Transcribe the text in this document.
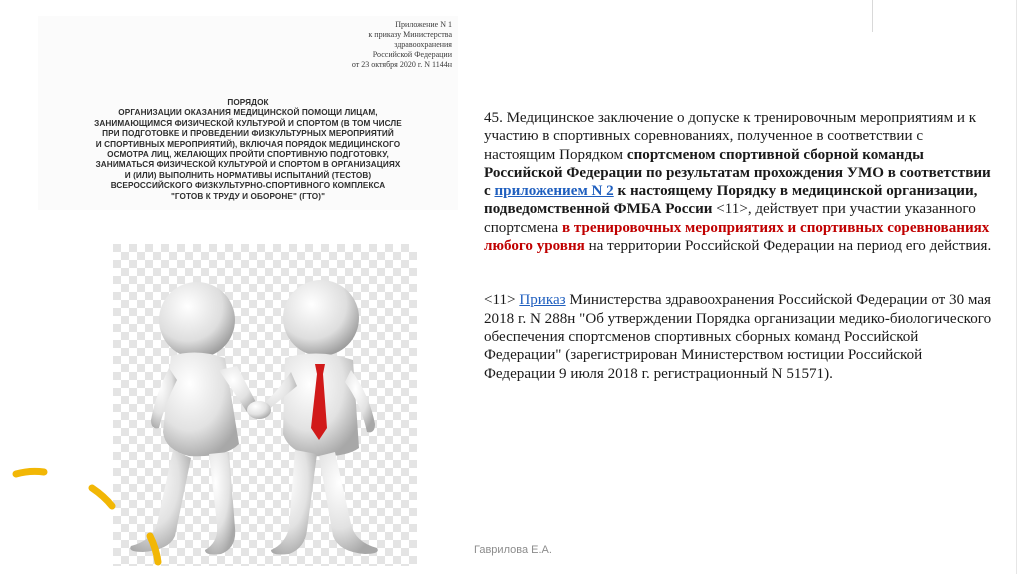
Приложение N 1
к приказу Министерства
здравоохранения
Российской Федерации
от 23 октября 2020 г. N 1144н
ПОРЯДОК
ОРГАНИЗАЦИИ ОКАЗАНИЯ МЕДИЦИНСКОЙ ПОМОЩИ ЛИЦАМ,
ЗАНИМАЮЩИМСЯ ФИЗИЧЕСКОЙ КУЛЬТУРОЙ И СПОРТОМ (В ТОМ ЧИСЛЕ
ПРИ ПОДГОТОВКЕ И ПРОВЕДЕНИИ ФИЗКУЛЬТУРНЫХ МЕРОПРИЯТИЙ
И СПОРТИВНЫХ МЕРОПРИЯТИЙ), ВКЛЮЧАЯ ПОРЯДОК МЕДИЦИНСКОГО
ОСМОТРА ЛИЦ, ЖЕЛАЮЩИХ ПРОЙТИ СПОРТИВНУЮ ПОДГОТОВКУ,
ЗАНИМАТЬСЯ ФИЗИЧЕСКОЙ КУЛЬТУРОЙ И СПОРТОМ В ОРГАНИЗАЦИЯХ
И (ИЛИ) ВЫПОЛНИТЬ НОРМАТИВЫ ИСПЫТАНИЙ (ТЕСТОВ)
ВСЕРОССИЙСКОГО ФИЗКУЛЬТУРНО-СПОРТИВНОГО КОМПЛЕКСА
"ГОТОВ К ТРУДУ И ОБОРОНЕ" (ГТО)"

45. Медицинское заключение о допуске к тренировочным мероприятиям и к участию в спортивных соревнованиях, полученное в соответствии с настоящим Порядком спортсменом спортивной сборной команды Российской Федерации по результатам прохождения УМО в соответствии с приложением N 2 к настоящему Порядку в медицинской организации, подведомственной ФМБА России <11>, действует при участии указанного спортсмена в тренировочных мероприятиях и спортивных соревнованиях любого уровня на территории Российской Федерации на период его действия.

<11> Приказ Министерства здравоохранения Российской Федерации от 30 мая 2018 г. N 288н "Об утверждении Порядка организации медико-биологического обеспечения спортсменов спортивных сборных команд Российской Федерации" (зарегистрирован Министерством юстиции Российской Федерации 9 июля 2018 г. регистрационный N 51571).

Гаврилова Е.А.
